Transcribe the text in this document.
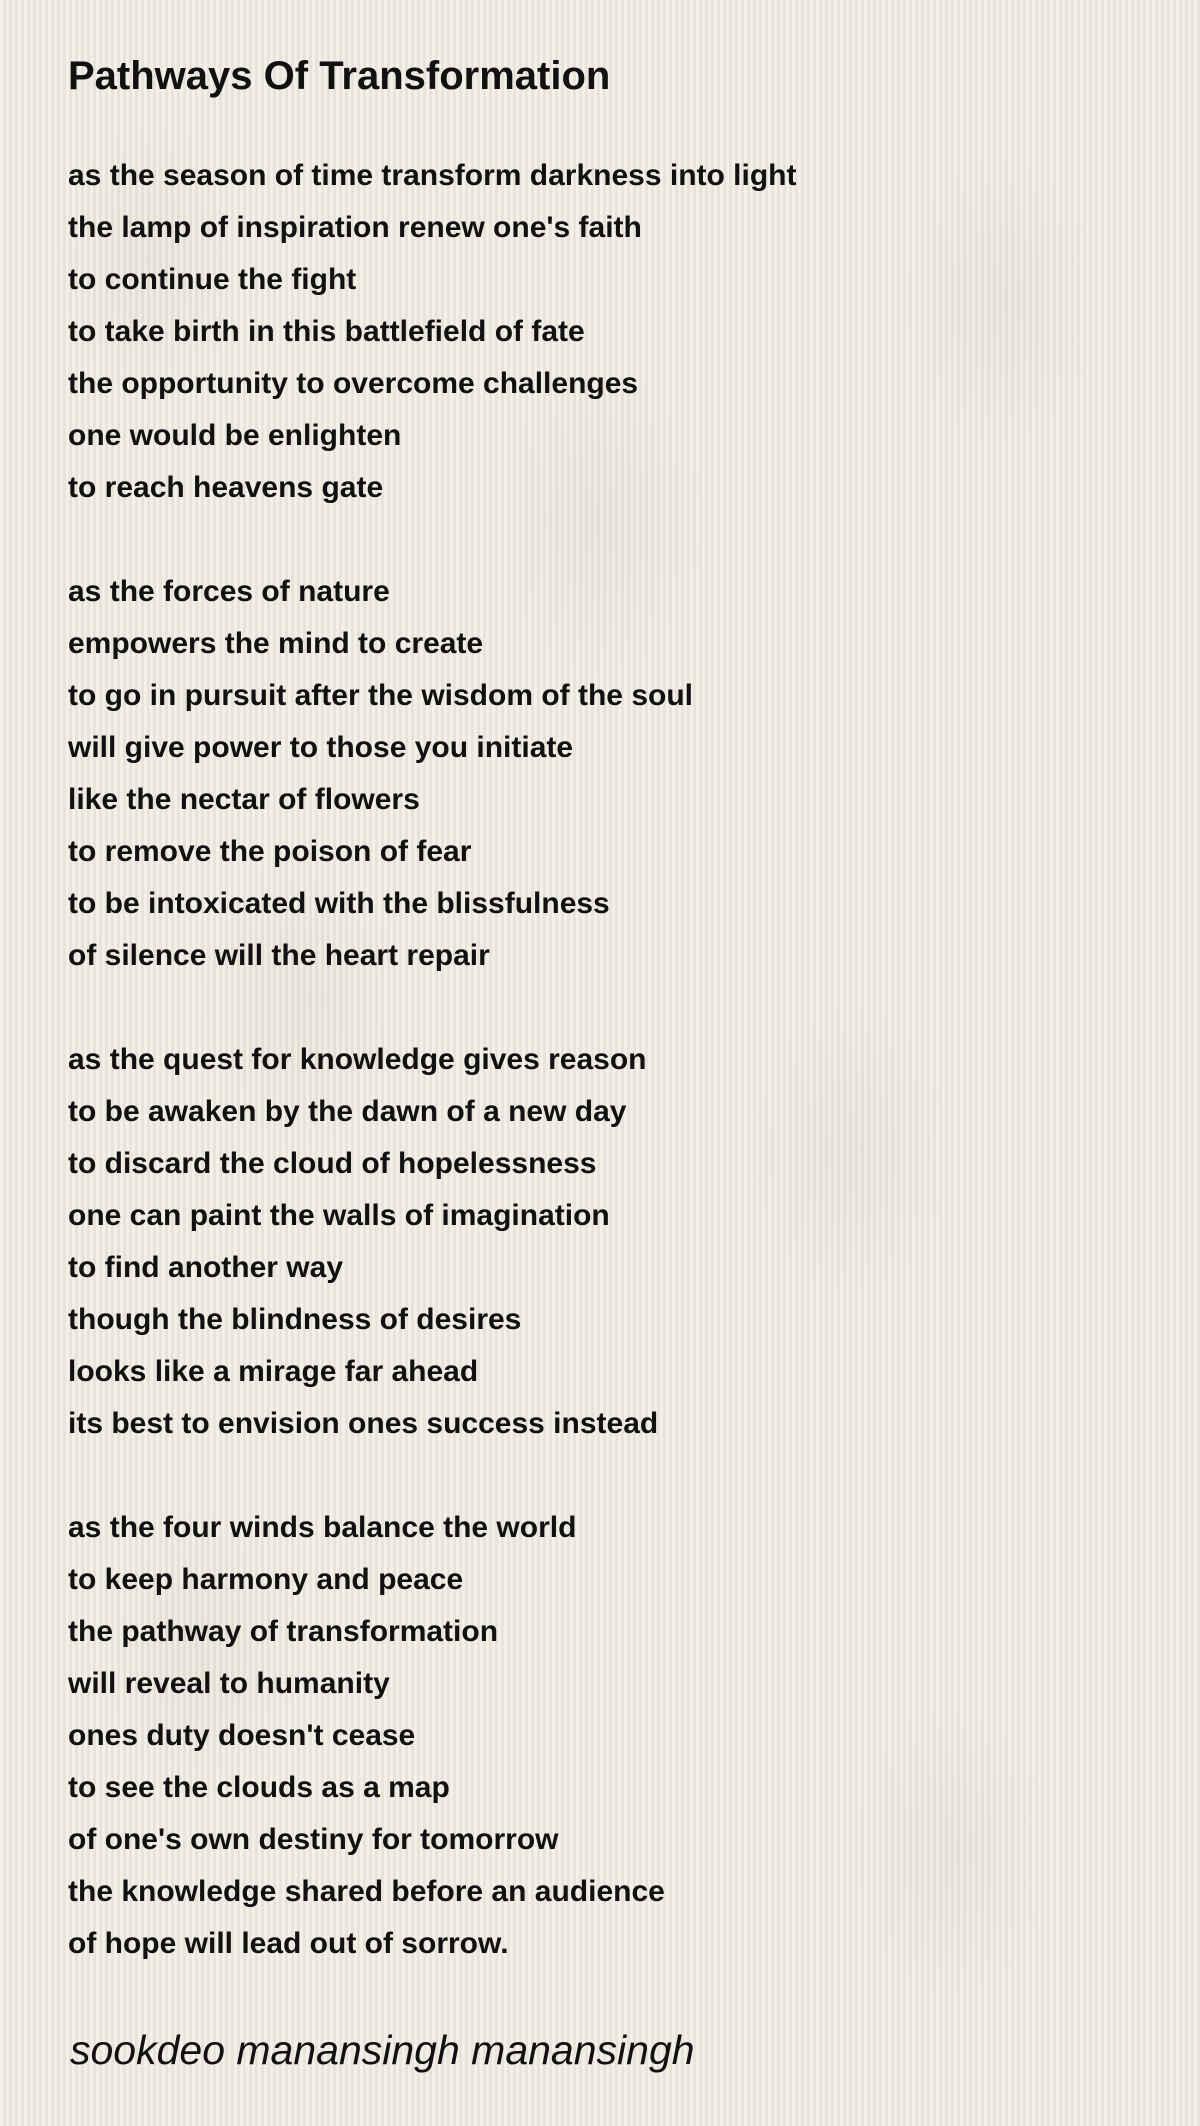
Pathways Of Transformation
as the season of time transform darkness into light
the lamp of inspiration renew one's faith
to continue the fight
to take birth in this battlefield of fate
the opportunity to overcome challenges
one would be enlighten
to reach heavens gate
as the forces of nature
empowers the mind to create
to go in pursuit after the wisdom of the soul
will give power to those you initiate
like the nectar of flowers
to remove the poison of fear
to be intoxicated with the blissfulness
of silence will the heart repair
as the quest for knowledge gives reason
to be awaken by the dawn of a new day
to discard the cloud of hopelessness
one can paint the walls of imagination
to find another way
though the blindness of desires
looks like a mirage far ahead
its best to envision ones success instead
as the four winds balance the world
to keep harmony and peace
the pathway of transformation
will reveal to humanity
ones duty doesn't cease
to see the clouds as a map
of one's own destiny for tomorrow
the knowledge shared before an audience
of hope will lead out of sorrow.
sookdeo manansingh manansingh
